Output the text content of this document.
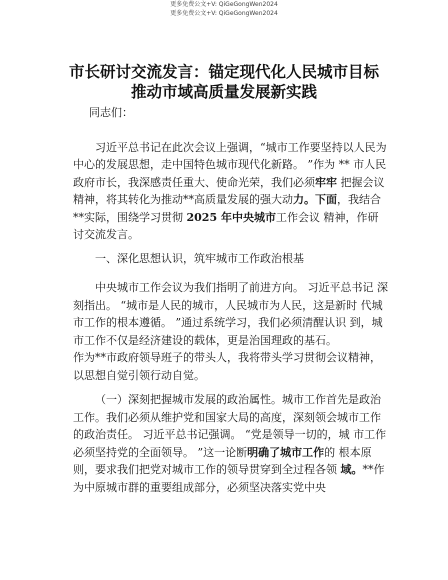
更多免费公文+V: QiGeGongWen2024
更多免费公文+V: QiGeGongWen2024
市长研讨交流发言：锚定现代化人民城市目标
推动市域高质量发展新实践

同志们：

习近平总书记在此次会议上强调，“城市工作要坚持以人民为中心的发展思想，走中国特色城市现代化新路。 ”作为 ** 市人民政府市长，我深感责任重大、使命光荣，我们必须牢牢 把握会议精神，将其转化为推动**高质量发展的强大动力。下面，我结合**实际，围绕学习贯彻 2025 年中央城市工作会议 精神，作研讨交流发言。

一、深化思想认识，筑牢城市工作政治根基

中央城市工作会议为我们指明了前进方向。 习近平总书记 深刻指出。 “城市是人民的城市，人民城市为人民，这是新时 代城市工作的根本遵循。 ”通过系统学习，我们必须清醒认识 到，城市工作不仅是经济建设的载体，更是治国理政的基石。

作为**市政府领导班子的带头人，我将带头学习贯彻会议精神，以思想自觉引领行动自觉。

（一）深刻把握城市发展的政治属性。城市工作首先是政治工作。我们必须从维护党和国家大局的高度，深刻领会城市工作的政治责任。 习近平总书记强调。 “党是领导一切的，城 市工作必须坚持党的全面领导。 ”这一论断明确了城市工作的 根本原则，要求我们把党对城市工作的领导贯穿到全过程各领 域。**作为中原城市群的重要组成部分，必须坚决落实党中央
